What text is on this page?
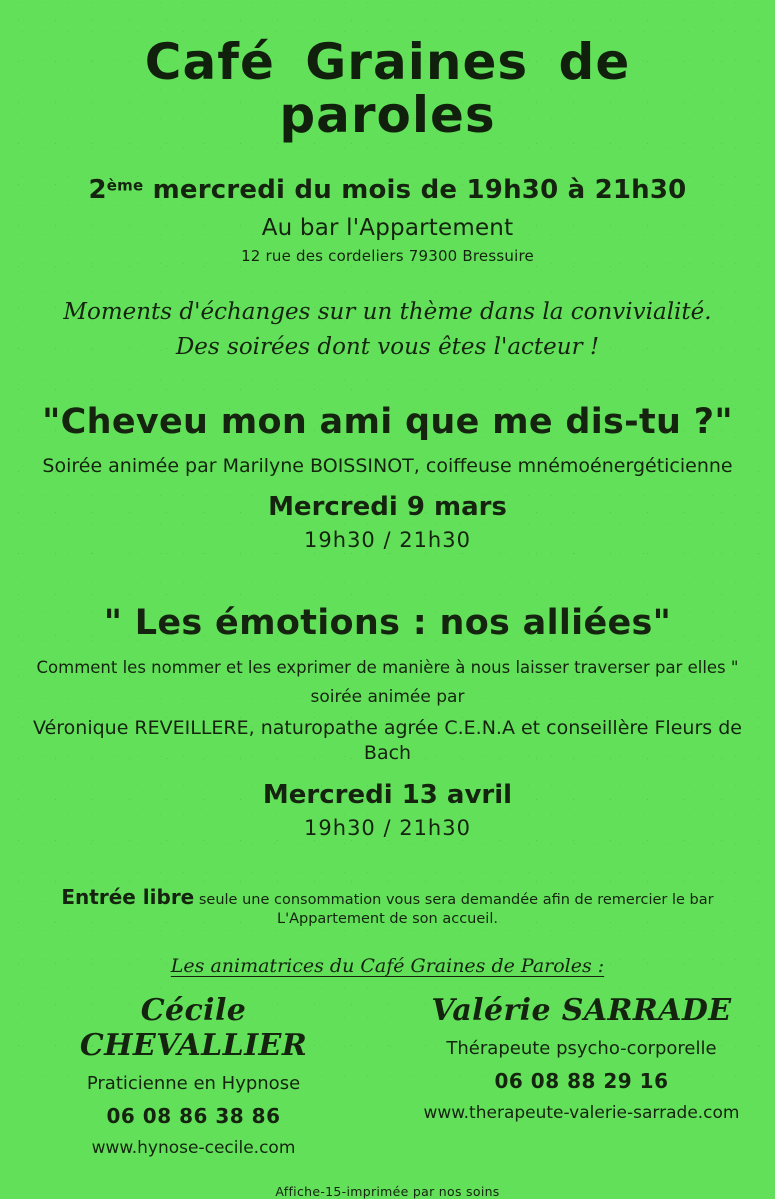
Café Graines de paroles
2ème mercredi du mois de 19h30 à 21h30
Au bar l'Appartement
12 rue des cordeliers 79300 Bressuire
Moments d'échanges sur un thème dans la convivialité.
Des soirées dont vous êtes l'acteur !
"Cheveu mon ami que me dis-tu ?"
Soirée animée par Marilyne BOISSINOT, coiffeuse mnémoénergéticienne
Mercredi 9 mars
19h30 / 21h30
" Les émotions : nos alliées"
Comment les nommer et les exprimer de manière à nous laisser traverser par elles "
soirée animée par
Véronique REVEILLERE, naturopathe agrée C.E.N.A et conseillère Fleurs de Bach
Mercredi 13 avril
19h30 / 21h30
Entrée libre seule une consommation vous sera demandée afin de remercier le bar L'Appartement de son accueil.
Les animatrices du Café Graines de Paroles :
Cécile CHEVALLIER
Praticienne en Hypnose
06 08 86 38 86
www.hynose-cecile.com
Valérie SARRADE
Thérapeute psycho-corporelle
06 08 88 29 16
www.therapeute-valerie-sarrade.com
Affiche-15-imprimée par nos soins
